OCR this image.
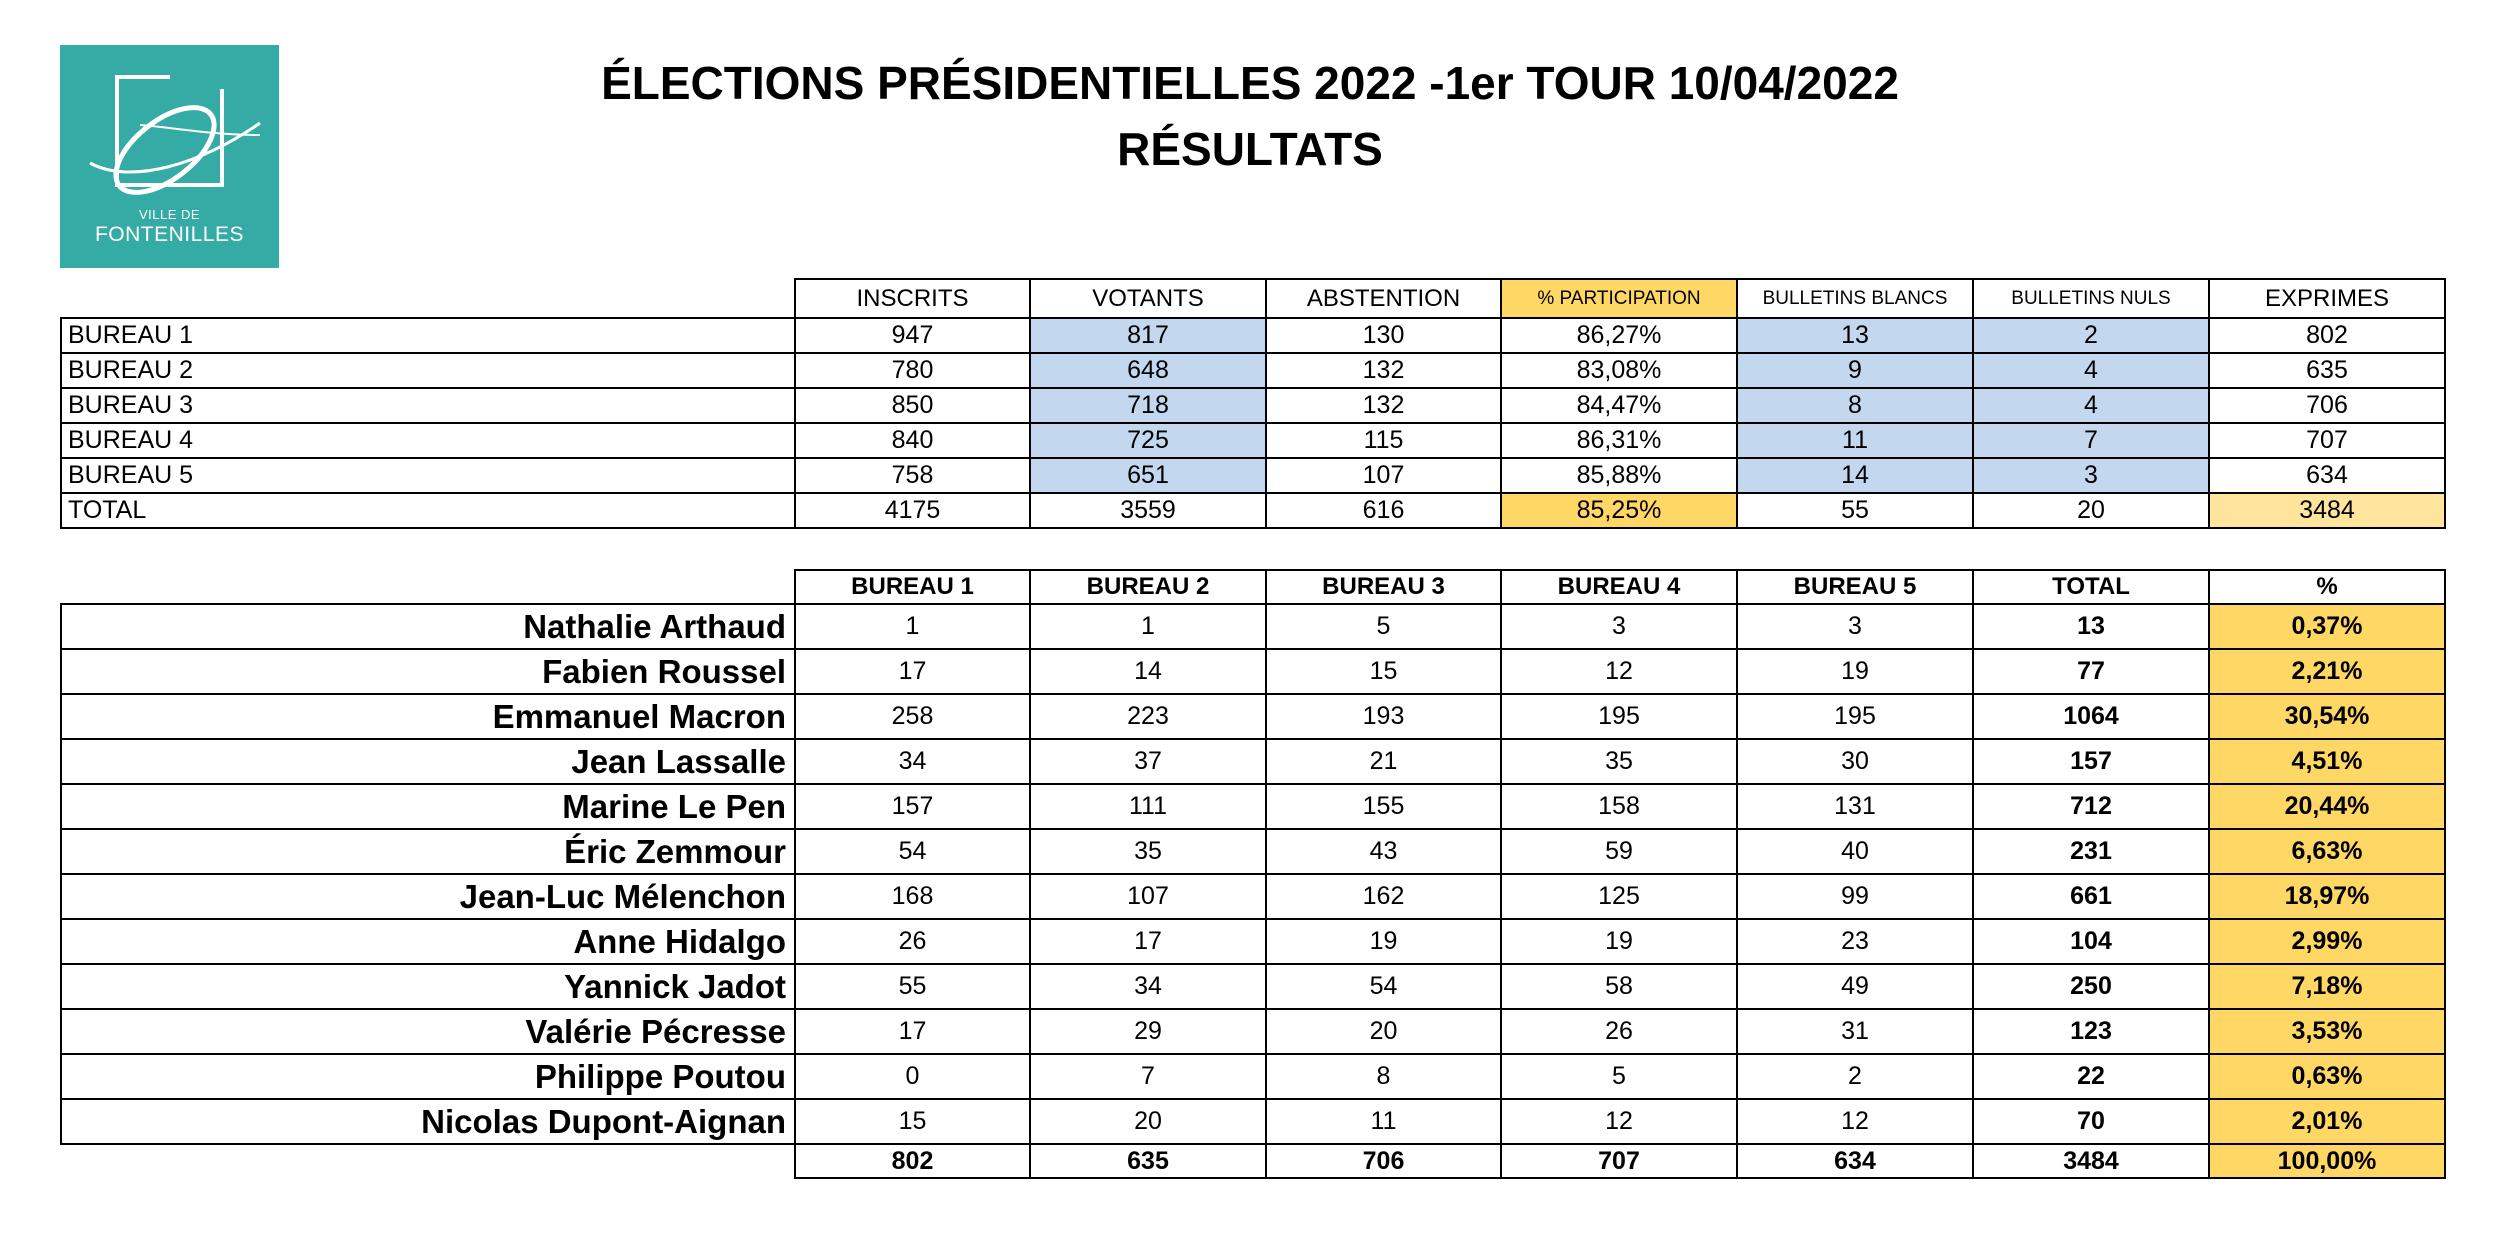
VILLE DE
FONTENILLES
ÉLECTIONS PRÉSIDENTIELLES 2022 -1er TOUR 10/04/2022
RÉSULTATS
	INSCRITS	VOTANTS	ABSTENTION	% PARTICIPATION	BULLETINS BLANCS	BULLETINS NULS	EXPRIMES
BUREAU 1	947	817	130	86,27%	13	2	802
BUREAU 2	780	648	132	83,08%	9	4	635
BUREAU 3	850	718	132	84,47%	8	4	706
BUREAU 4	840	725	115	86,31%	11	7	707
BUREAU 5	758	651	107	85,88%	14	3	634
TOTAL	4175	3559	616	85,25%	55	20	3484
	BUREAU 1	BUREAU 2	BUREAU 3	BUREAU 4	BUREAU 5	TOTAL	%
Nathalie Arthaud	1	1	5	3	3	13	0,37%
Fabien Roussel	17	14	15	12	19	77	2,21%
Emmanuel Macron	258	223	193	195	195	1064	30,54%
Jean Lassalle	34	37	21	35	30	157	4,51%
Marine Le Pen	157	111	155	158	131	712	20,44%
Éric Zemmour	54	35	43	59	40	231	6,63%
Jean-Luc Mélenchon	168	107	162	125	99	661	18,97%
Anne Hidalgo	26	17	19	19	23	104	2,99%
Yannick Jadot	55	34	54	58	49	250	7,18%
Valérie Pécresse	17	29	20	26	31	123	3,53%
Philippe Poutou	0	7	8	5	2	22	0,63%
Nicolas Dupont-Aignan	15	20	11	12	12	70	2,01%
	802	635	706	707	634	3484	100,00%
